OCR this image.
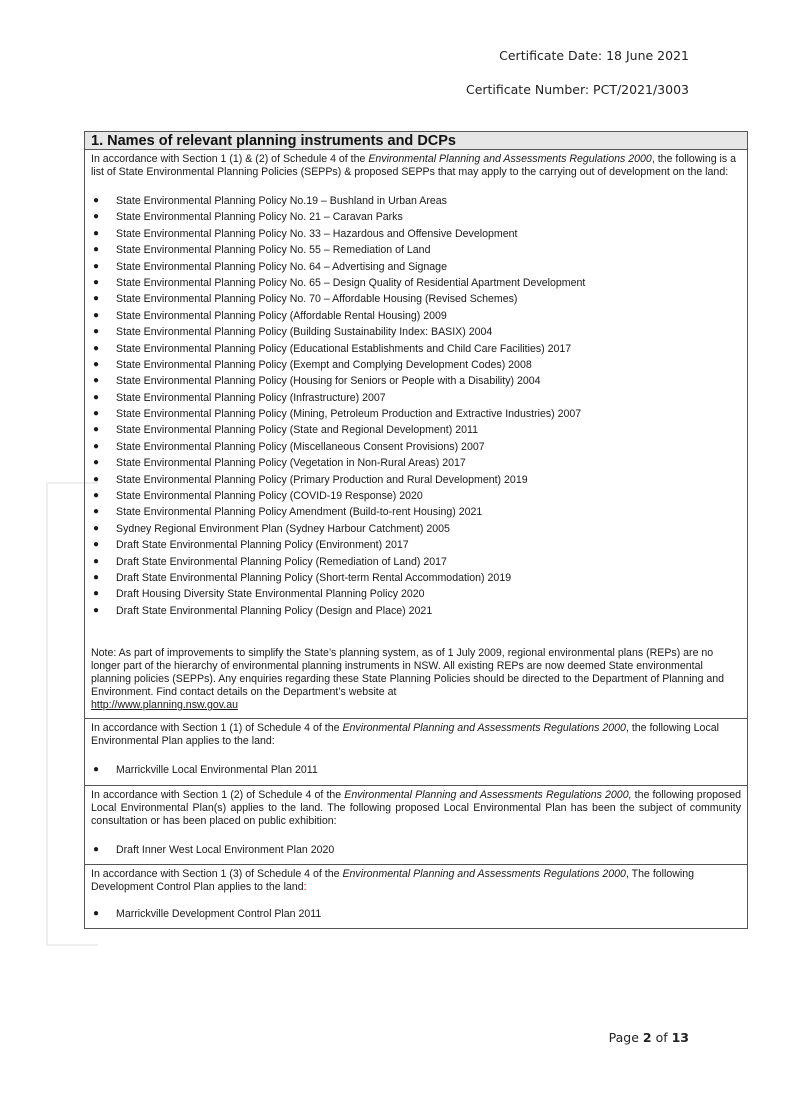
Certificate Date: 18 June 2021
Certificate Number: PCT/2021/3003
1. Names of relevant planning instruments and DCPs

In accordance with Section 1 (1) & (2) of Schedule 4 of the Environmental Planning and Assessments Regulations 2000, the following is a list of State Environmental Planning Policies (SEPPs) & proposed SEPPs that may apply to the carrying out of development on the land:

● State Environmental Planning Policy No.19 – Bushland in Urban Areas
● State Environmental Planning Policy No. 21 – Caravan Parks
● State Environmental Planning Policy No. 33 – Hazardous and Offensive Development
● State Environmental Planning Policy No. 55 – Remediation of Land
● State Environmental Planning Policy No. 64 – Advertising and Signage
● State Environmental Planning Policy No. 65 – Design Quality of Residential Apartment Development
● State Environmental Planning Policy No. 70 – Affordable Housing (Revised Schemes)
● State Environmental Planning Policy (Affordable Rental Housing) 2009
● State Environmental Planning Policy (Building Sustainability Index: BASIX) 2004
● State Environmental Planning Policy (Educational Establishments and Child Care Facilities) 2017
● State Environmental Planning Policy (Exempt and Complying Development Codes) 2008
● State Environmental Planning Policy (Housing for Seniors or People with a Disability) 2004
● State Environmental Planning Policy (Infrastructure) 2007
● State Environmental Planning Policy (Mining, Petroleum Production and Extractive Industries) 2007
● State Environmental Planning Policy (State and Regional Development) 2011
● State Environmental Planning Policy (Miscellaneous Consent Provisions) 2007
● State Environmental Planning Policy (Vegetation in Non-Rural Areas) 2017
● State Environmental Planning Policy (Primary Production and Rural Development) 2019
● State Environmental Planning Policy (COVID-19 Response) 2020
● State Environmental Planning Policy Amendment (Build-to-rent Housing) 2021
● Sydney Regional Environment Plan (Sydney Harbour Catchment) 2005
● Draft State Environmental Planning Policy (Environment) 2017
● Draft State Environmental Planning Policy (Remediation of Land) 2017
● Draft State Environmental Planning Policy (Short-term Rental Accommodation) 2019
● Draft Housing Diversity State Environmental Planning Policy 2020
● Draft State Environmental Planning Policy (Design and Place) 2021

Note: As part of improvements to simplify the State’s planning system, as of 1 July 2009, regional environmental plans (REPs) are no longer part of the hierarchy of environmental planning instruments in NSW. All existing REPs are now deemed State environmental planning policies (SEPPs). Any enquiries regarding these State Planning Policies should be directed to the Department of Planning and Environment. Find contact details on the Department’s website at
http://www.planning.nsw.gov.au

In accordance with Section 1 (1) of Schedule 4 of the Environmental Planning and Assessments Regulations 2000, the following Local Environmental Plan applies to the land:

● Marrickville Local Environmental Plan 2011

In accordance with Section 1 (2) of Schedule 4 of the Environmental Planning and Assessments Regulations 2000, the following proposed Local Environmental Plan(s) applies to the land. The following proposed Local Environmental Plan has been the subject of community consultation or has been placed on public exhibition:

● Draft Inner West Local Environment Plan 2020

In accordance with Section 1 (3) of Schedule 4 of the Environmental Planning and Assessments Regulations 2000, The following Development Control Plan applies to the land:

● Marrickville Development Control Plan 2011
Page 2 of 13
